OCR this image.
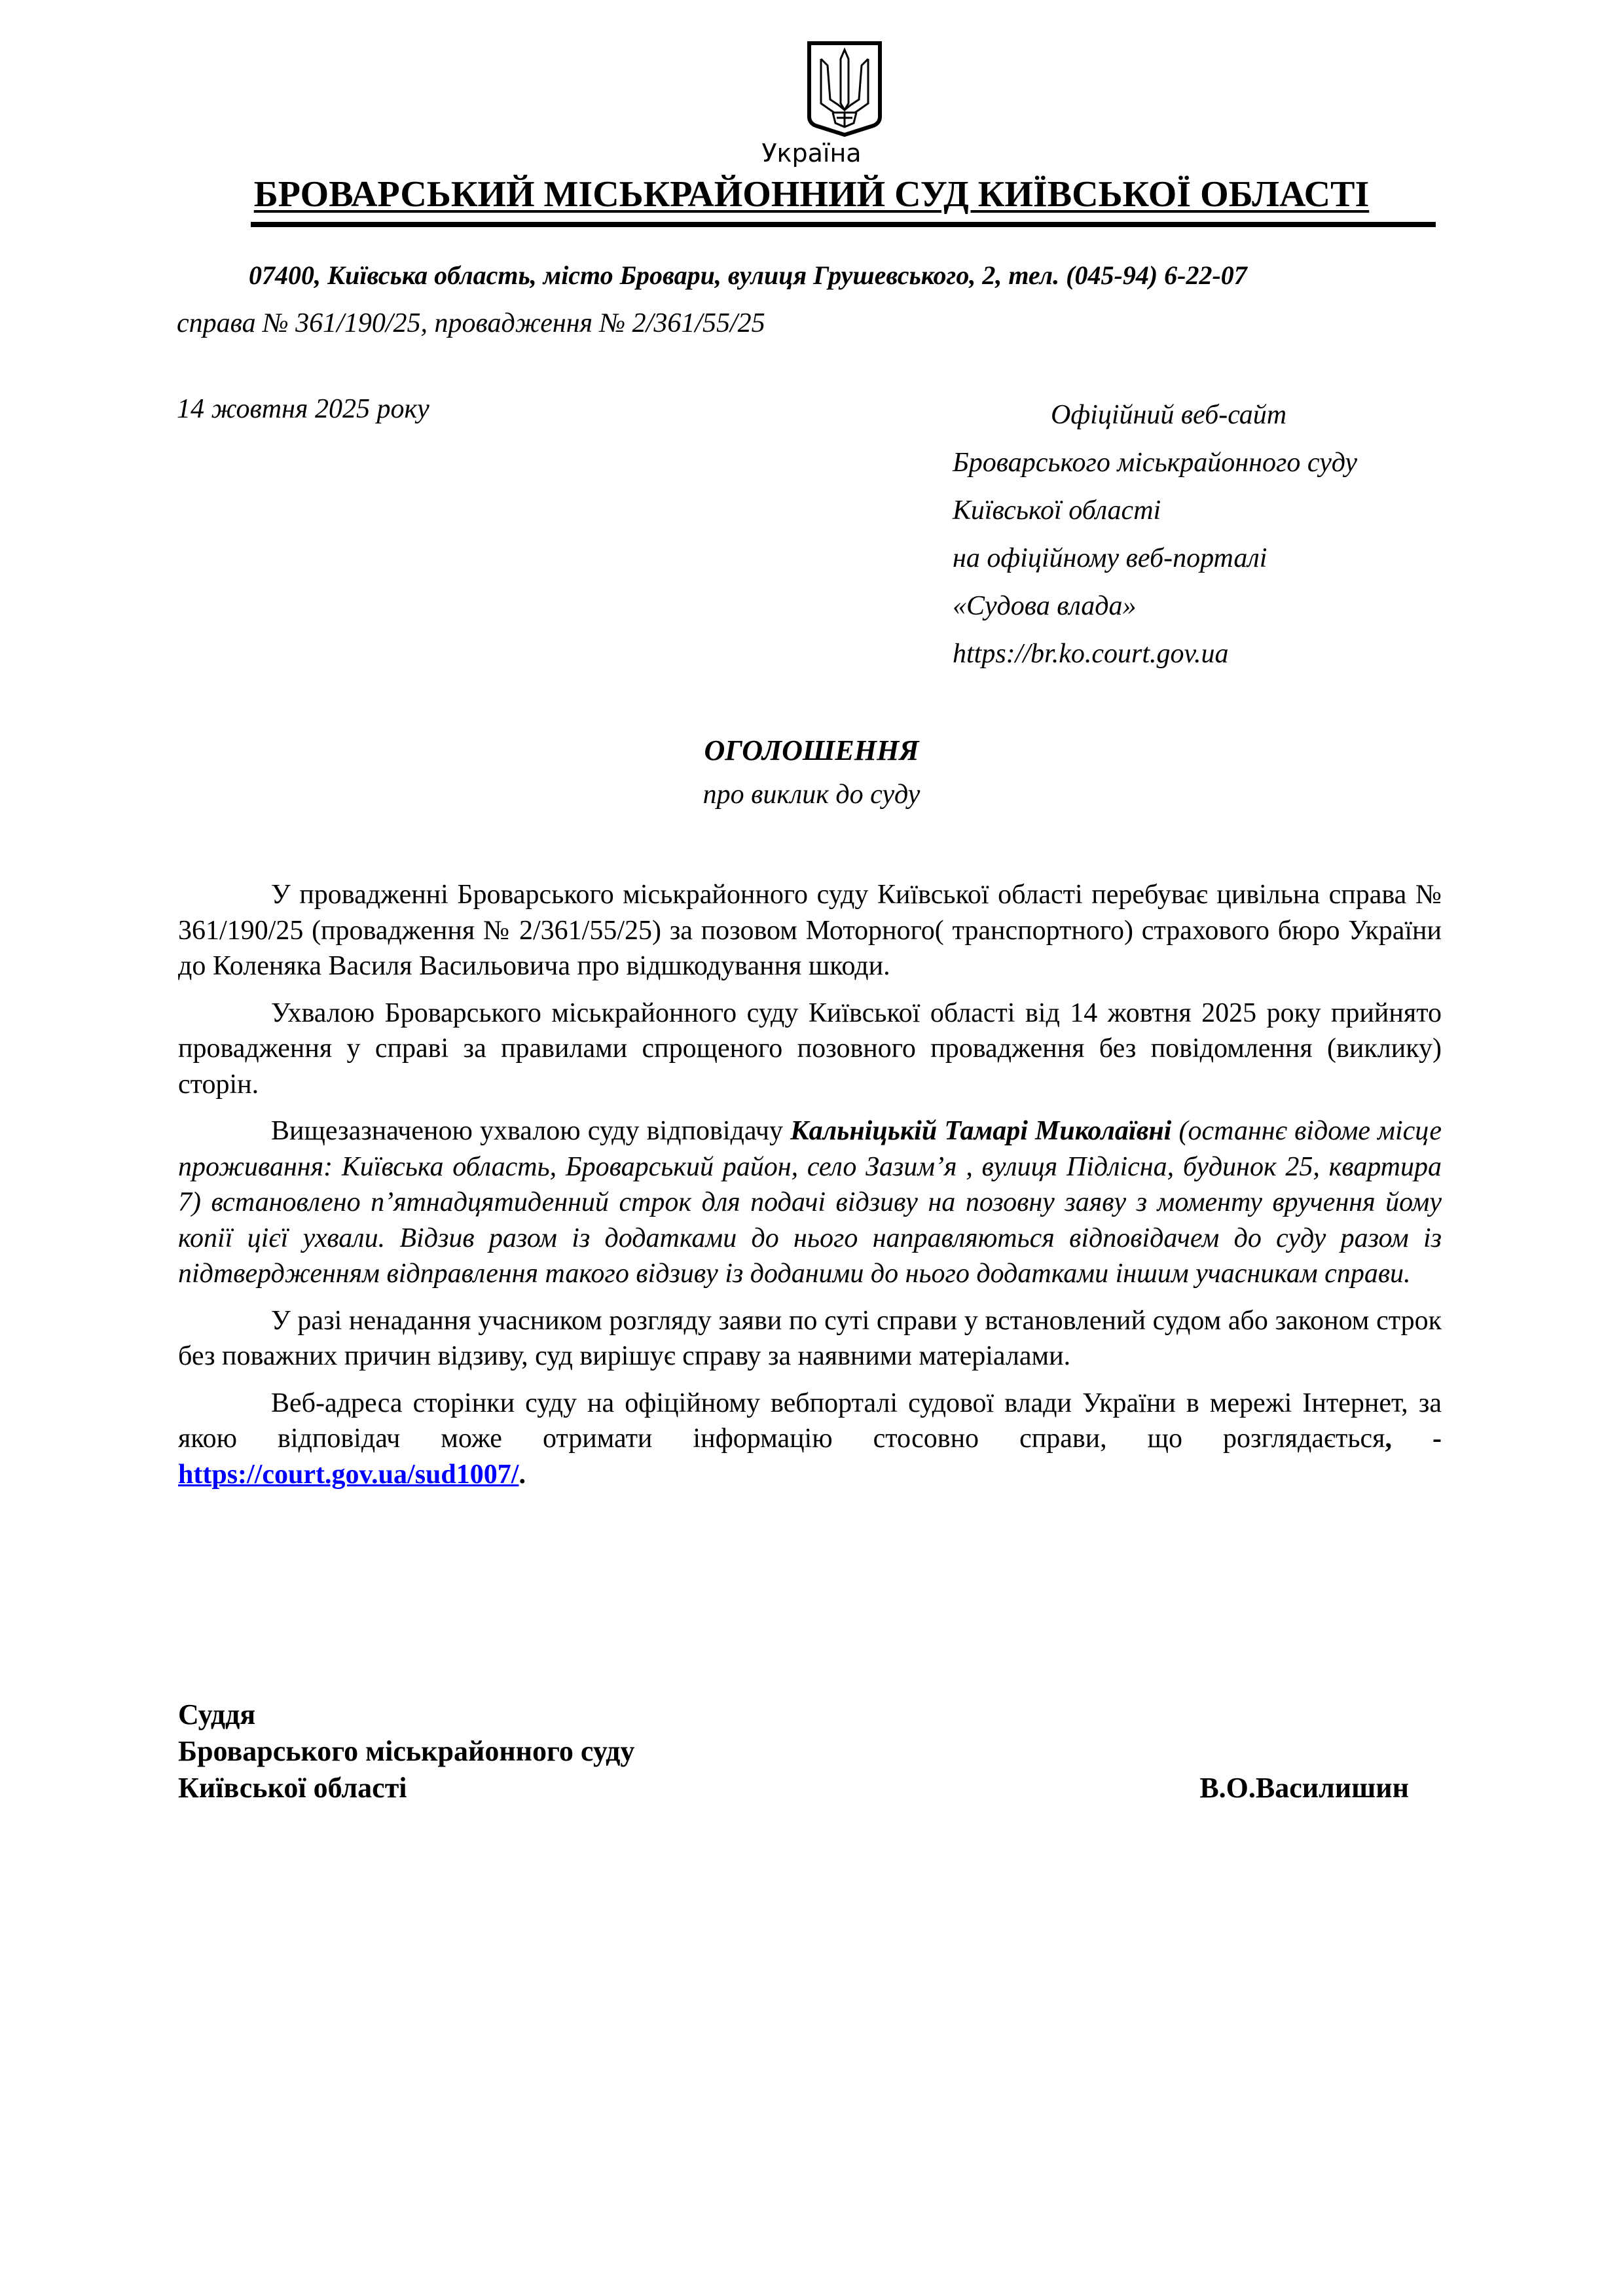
Україна
БРОВАРСЬКИЙ МІСЬКРАЙОННИЙ СУД КИЇВСЬКОЇ ОБЛАСТІ
07400, Київська область, місто Бровари, вулиця Грушевського, 2, тел. (045-94) 6-22-07
справа № 361/190/25, провадження № 2/361/55/25
14 жовтня 2025 року	Офіційний веб-сайт
Броварського міськрайонного суду
Київської області
на офіційному веб-порталі
«Судова влада»
https://br.ko.court.gov.ua
ОГОЛОШЕННЯ
про виклик до суду

У провадженні Броварського міськрайонного суду Київської області перебуває цивільна справа № 361/190/25 (провадження № 2/361/55/25) за позовом Моторного( транспортного) страхового бюро України до Коленяка Василя Васильовича про відшкодування шкоди.

Ухвалою Броварського міськрайонного суду Київської області від 14 жовтня 2025 року прийнято провадження у справі за правилами спрощеного позовного провадження без повідомлення (виклику) сторін.

Вищезазначеною ухвалою суду відповідачу Кальніцькій Тамарі Миколаївні (останнє відоме місце проживання: Київська область, Броварський район, село Зазим’я , вулиця Підлісна, будинок 25, квартира 7) встановлено п’ятнадцятиденний строк для подачі відзиву на позовну заяву з моменту вручення йому копії цієї ухвали. Відзив разом із додатками до нього направляються відповідачем до суду разом із підтвердженням відправлення такого відзиву із доданими до нього додатками іншим учасникам справи.

У разі ненадання учасником розгляду заяви по суті справи у встановлений судом або законом строк без поважних причин відзиву, суд вирішує справу за наявними матеріалами.

Веб-адреса сторінки суду на офіційному вебпорталі судової влади України в мережі Інтернет, за якою відповідач може отримати інформацію стосовно справи, що розглядається, - https://court.gov.ua/sud1007/.

Суддя
Броварського міськрайонного суду
Київської області	В.О.Василишин
